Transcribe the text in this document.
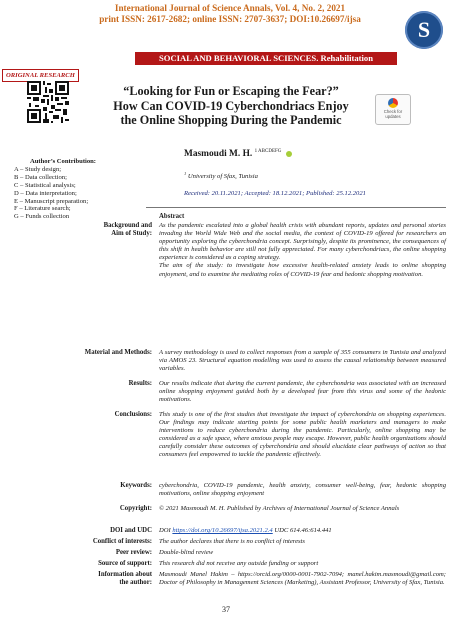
International Journal of Science Annals, Vol. 4, No. 2, 2021
print ISSN: 2617-2682; online ISSN: 2707-3637; DOI:10.26697/ijsa	S
SOCIAL AND BEHAVIORAL SCIENCES. Rehabilitation
ORIGINAL RESEARCH
“Looking for Fun or Escaping the Fear?”
How Can COVID-19 Cyberchondriacs Enjoy
the Online Shopping During the Pandemic
Check for
updates
Author’s Contribution:
A – Study design;
B – Data collection;
C – Statistical analysis;
D – Data interpretation;
E – Manuscript preparation;
F – Literature search;
G – Funds collection
Masmoudi M. H. $^{1 ABCDEFG}$
$^1$ University of Sfax, Tunisia
Received: 20.11.2021; Accepted: 18.12.2021; Published: 25.12.2021
Abstract
Background and
Aim of Study:
As the pandemic escalated into a global health crisis with abundant reports, updates and personal stories invading the World Wide Web and the social media, the context of COVID-19 offered for researchers an opportunity exploring the cyberchondria concept. Surprisingly, despite its prominence, the consequences of this shift in health behavior are still not fully appreciated. For many cyberchondriacs, the online shopping experience is considered as a coping strategy.
The aim of the study: to investigate how excessive health-related anxiety leads to online shopping enjoyment, and to examine the mediating roles of COVID-19 fear and hedonic shopping motivation.
Material and Methods: A survey methodology is used to collect responses from a sample of 355 consumers in Tunisia and analyzed via AMOS 23. Structural equation modelling was used to assess the causal relationship between measured variables.
Results: Our results indicate that during the current pandemic, the cyberchondria was associated with an increased online shopping enjoyment guided both by a developed fear from this virus and some of the hedonic motivations.
Conclusions: This study is one of the first studies that investigate the impact of cyberchondria on shopping experiences. Our findings may indicate starting points for some public health marketers and managers to make interventions to reduce cyberchondria during the pandemic. Particularly, online shopping may be considered as a safe space, where anxious people may escape. However, public health organizations should carefully consider these outcomes of cyberchondria and should elucidate clear pathways of action so that consumers feel empowered to tackle the pandemic effectively.
Keywords: cyberchondria, COVID-19 pandemic, health anxiety, consumer well-being, fear, hedonic shopping motivations, online shopping enjoyment
Copyright: © 2021 Masmoudi M. H. Published by Archives of International Journal of Science Annals
DOI and UDC DOI https://doi.org/10.26697/ijsa.2021.2.4 UDC 614.46:614.441
Conflict of interests: The author declares that there is no conflict of interests
Peer review: Double-blind review
Source of support: This research did not receive any outside funding or support
Information about
the author:
Masmoudi Manel Hakim – https://orcid.org/0000-0001-7902-7094; manel.hakim.masmoudi@gmail.com; Doctor of Philosophy in Management Sciences (Marketing), Assistant Professor, University of Sfax, Tunisia.
37
